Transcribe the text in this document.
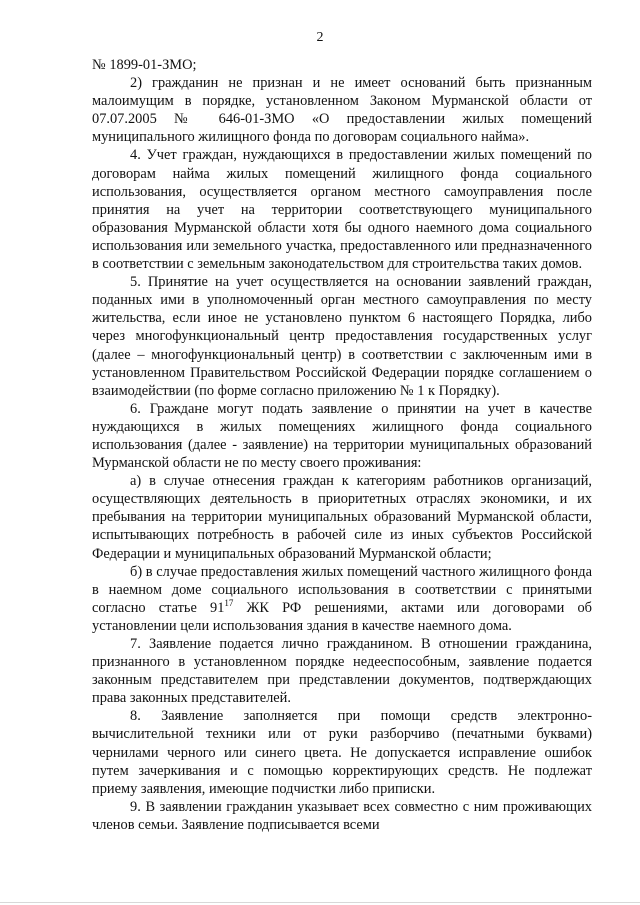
2

№ 1899-01-ЗМО;

2) гражданин не признан и не имеет оснований быть признанным малоимущим в порядке, установленном Законом Мурманской области от 07.07.2005 № 646-01-ЗМО «О предоставлении жилых помещений муниципального жилищного фонда по договорам социального найма».

4. Учет граждан, нуждающихся в предоставлении жилых помещений по договорам найма жилых помещений жилищного фонда социального использования, осуществляется органом местного самоуправления после принятия на учет на территории соответствующего муниципального образования Мурманской области хотя бы одного наемного дома социального использования или земельного участка, предоставленного или предназначенного в соответствии с земельным законодательством для строительства таких домов.

5. Принятие на учет осуществляется на основании заявлений граждан, поданных ими в уполномоченный орган местного самоуправления по месту жительства, если иное не установлено пунктом 6 настоящего Порядка, либо через многофункциональный центр предоставления государственных услуг (далее – многофункциональный центр) в соответствии с заключенным ими в установленном Правительством Российской Федерации порядке соглашением о взаимодействии (по форме согласно приложению № 1 к Порядку).

6. Граждане могут подать заявление о принятии на учет в качестве нуждающихся в жилых помещениях жилищного фонда социального использования (далее - заявление) на территории муниципальных образований Мурманской области не по месту своего проживания:

а) в случае отнесения граждан к категориям работников организаций, осуществляющих деятельность в приоритетных отраслях экономики, и их пребывания на территории муниципальных образований Мурманской области, испытывающих потребность в рабочей силе из иных субъектов Российской Федерации и муниципальных образований Мурманской области;

б) в случае предоставления жилых помещений частного жилищного фонда в наемном доме социального использования в соответствии с принятыми согласно статье $91^{17}$ ЖК РФ решениями, актами или договорами об установлении цели использования здания в качестве наемного дома.

7. Заявление подается лично гражданином. В отношении гражданина, признанного в установленном порядке недееспособным, заявление подается законным представителем при представлении документов, подтверждающих права законных представителей.

8. Заявление заполняется при помощи средств электронно-вычислительной техники или от руки разборчиво (печатными буквами) чернилами черного или синего цвета. Не допускается исправление ошибок путем зачеркивания и с помощью корректирующих средств. Не подлежат приему заявления, имеющие подчистки либо приписки.

9. В заявлении гражданин указывает всех совместно с ним проживающих членов семьи. Заявление подписывается всеми
